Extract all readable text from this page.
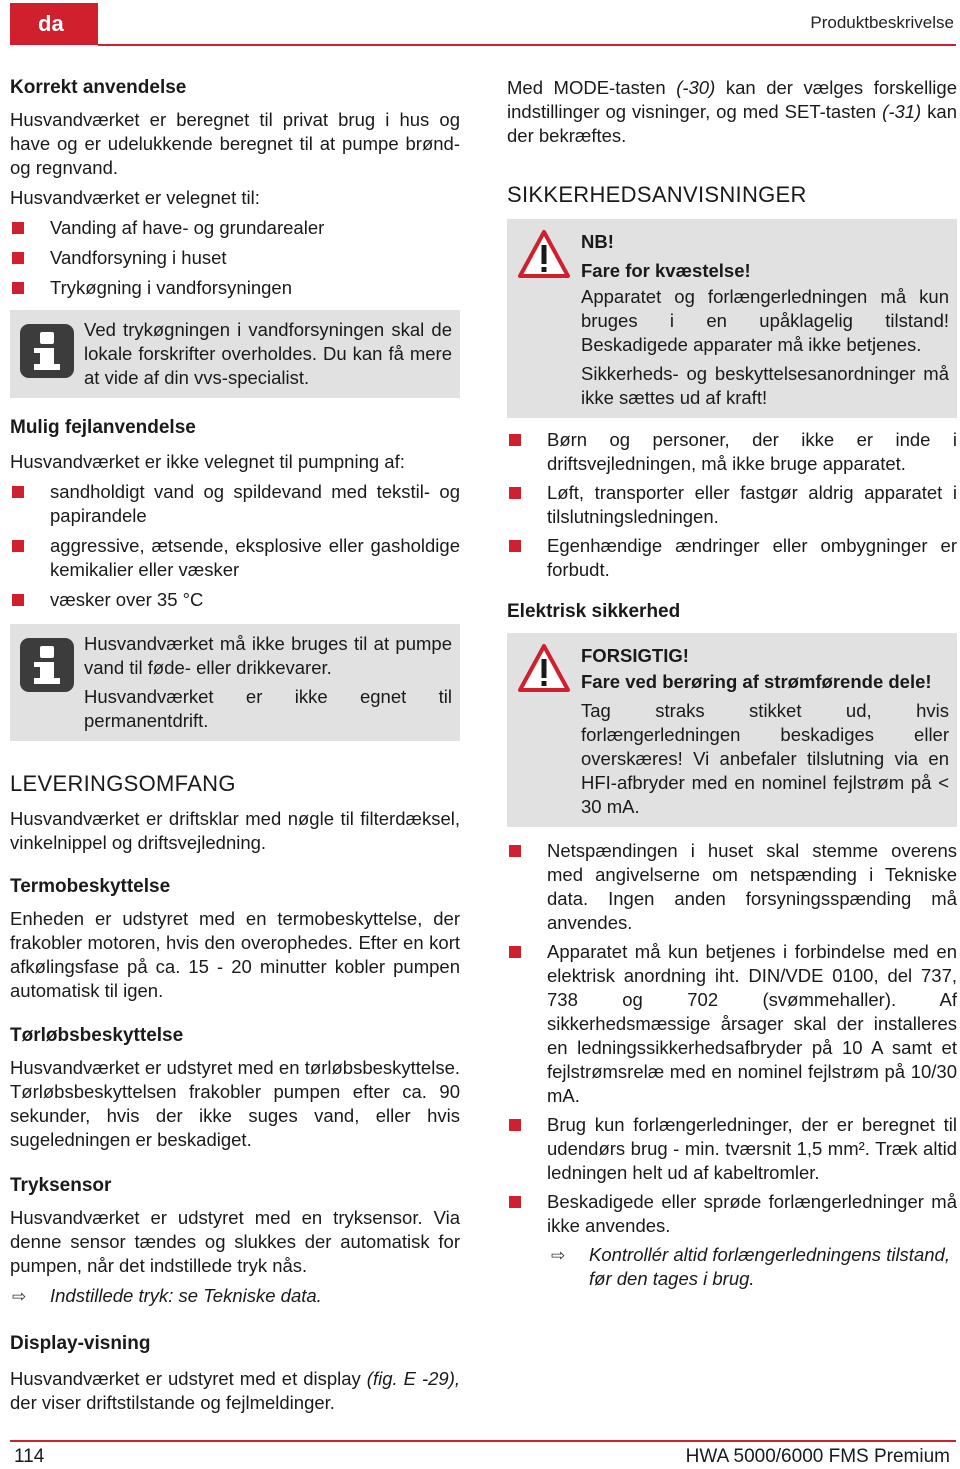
da	Produktbeskrivelse
Korrekt anvendelse

Husvandværket er beregnet til privat brug i hus og have og er udelukkende beregnet til at pumpe brønd- og regnvand.

Husvandværket er velegnet til:

Vanding af have- og grundarealer
Vandforsyning i huset
Trykøgning i vandforsyningen

Ved trykøgningen i vandforsyningen skal de lokale forskrifter overholdes. Du kan få mere at vide af din vvs-specialist.

Mulig fejlanvendelse

Husvandværket er ikke velegnet til pumpning af:

sandholdigt vand og spildevand med tekstil- og papirandele
aggressive, ætsende, eksplosive eller gasholdige kemikalier eller væsker
væsker over 35 °C

Husvandværket må ikke bruges til at pumpe vand til føde- eller drikkevarer.

Husvandværket er ikke egnet til permanentdrift.

LEVERINGSOMFANG

Husvandværket er driftsklar med nøgle til filterdæksel, vinkelnippel og driftsvejledning.

Termobeskyttelse

Enheden er udstyret med en termobeskyttelse, der frakobler motoren, hvis den overophedes. Efter en kort afkølingsfase på ca. 15 - 20 minutter kobler pumpen automatisk til igen.

Tørløbsbeskyttelse

Husvandværket er udstyret med en tørløbsbeskyttelse. Tørløbsbeskyttelsen frakobler pumpen efter ca. 90 sekunder, hvis der ikke suges vand, eller hvis sugeledningen er beskadiget.

Tryksensor

Husvandværket er udstyret med en tryksensor. Via denne sensor tændes og slukkes der automatisk for pumpen, når det indstillede tryk nås.

⇨ Indstillede tryk: se Tekniske data.
Display-visning

Husvandværket er udstyret med et display (fig. E -29), der viser driftstilstande og fejlmeldinger.

Med MODE-tasten (-30) kan der vælges forskellige indstillinger og visninger, og med SET-tasten (-31) kan der bekræftes.

SIKKERHEDSANVISNINGER
NB!
Fare for kvæstelse!

Apparatet og forlængerledningen må kun bruges i en upåklagelig tilstand! Beskadigede apparater må ikke betjenes.

Sikkerheds- og beskyttelsesanordninger må ikke sættes ud af kraft!

Børn og personer, der ikke er inde i driftsvejledningen, må ikke bruge apparatet.
Løft, transporter eller fastgør aldrig apparatet i tilslutningsledningen.
Egenhændige ændringer eller ombygninger er forbudt.
Elektrisk sikkerhed
FORSIGTIG!
Fare ved berøring af strømførende dele!

Tag straks stikket ud, hvis forlængerledningen beskadiges eller overskæres! Vi anbefaler tilslutning via en HFI-afbryder med en nominel fejlstrøm på < 30 mA.

Netspændingen i huset skal stemme overens med angivelserne om netspænding i Tekniske data. Ingen anden forsyningsspænding må anvendes.
Apparatet må kun betjenes i forbindelse med en elektrisk anordning iht. DIN/VDE 0100, del 737, 738 og 702 (svømmehaller). Af sikkerhedsmæssige årsager skal der installeres en ledningssikkerhedsafbryder på 10 A samt et fejlstrømsrelæ med en nominel fejlstrøm på 10/30 mA.
Brug kun forlængerledninger, der er beregnet til udendørs brug - min. tværsnit 1,5 mm². Træk altid ledningen helt ud af kabeltromler.
Beskadigede eller sprøde forlængerledninger må ikke anvendes.
⇨ Kontrollér altid forlængerledningens tilstand, før den tages i brug.
114	HWA 5000/6000 FMS Premium
